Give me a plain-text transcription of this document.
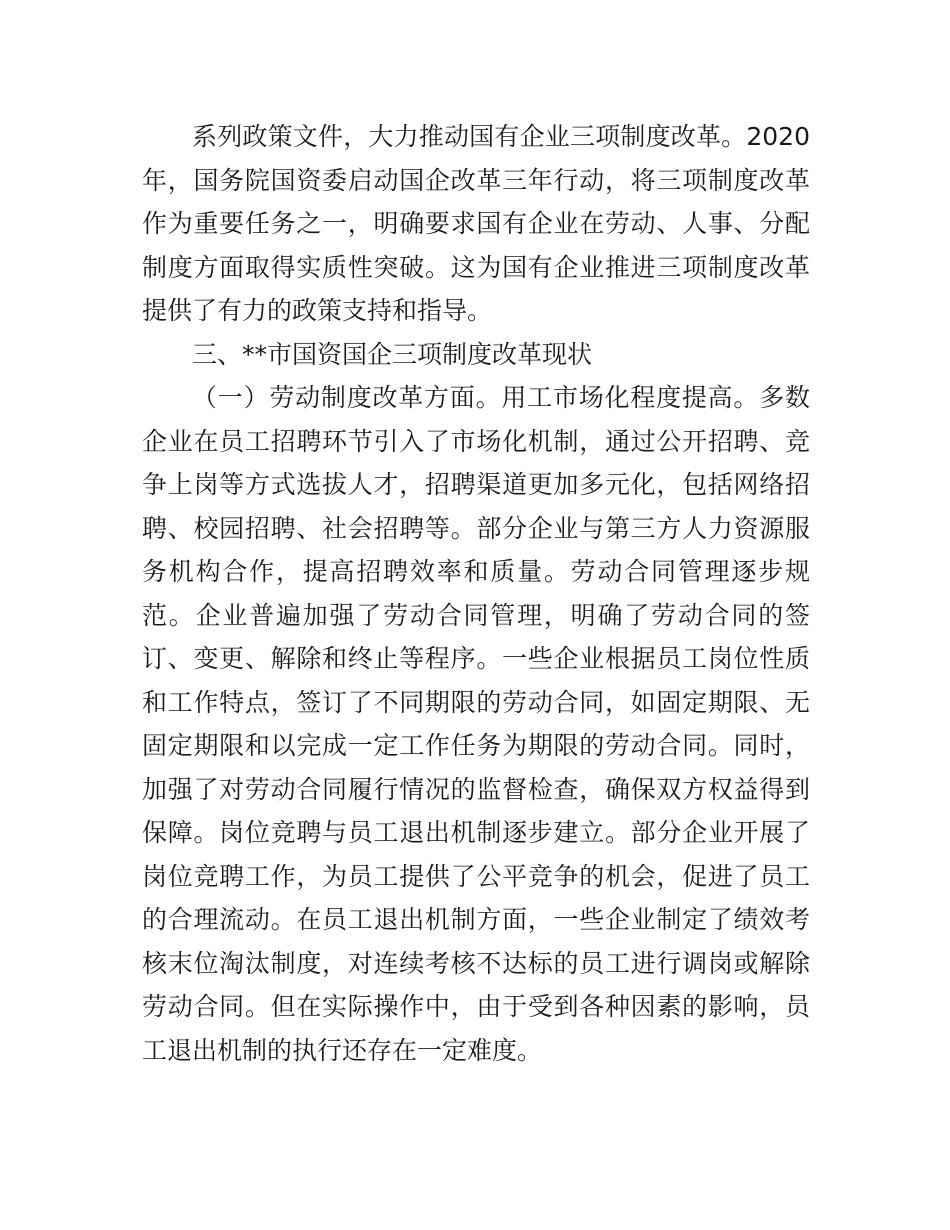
系列政策文件，大力推动国有企业三项制度改革。2020年，国务院国资委启动国企改革三年行动，将三项制度改革作为重要任务之一，明确要求国有企业在劳动、人事、分配制度方面取得实质性突破。这为国有企业推进三项制度改革提供了有力的政策支持和指导。

三、**市国资国企三项制度改革现状

（一）劳动制度改革方面。用工市场化程度提高。多数企业在员工招聘环节引入了市场化机制，通过公开招聘、竞争上岗等方式选拔人才，招聘渠道更加多元化，包括网络招聘、校园招聘、社会招聘等。部分企业与第三方人力资源服务机构合作，提高招聘效率和质量。劳动合同管理逐步规范。企业普遍加强了劳动合同管理，明确了劳动合同的签订、变更、解除和终止等程序。一些企业根据员工岗位性质和工作特点，签订了不同期限的劳动合同，如固定期限、无固定期限和以完成一定工作任务为期限的劳动合同。同时，加强了对劳动合同履行情况的监督检查，确保双方权益得到保障。岗位竞聘与员工退出机制逐步建立。部分企业开展了岗位竞聘工作，为员工提供了公平竞争的机会，促进了员工的合理流动。在员工退出机制方面，一些企业制定了绩效考核末位淘汰制度，对连续考核不达标的员工进行调岗或解除劳动合同。但在实际操作中，由于受到各种因素的影响，员工退出机制的执行还存在一定难度。
